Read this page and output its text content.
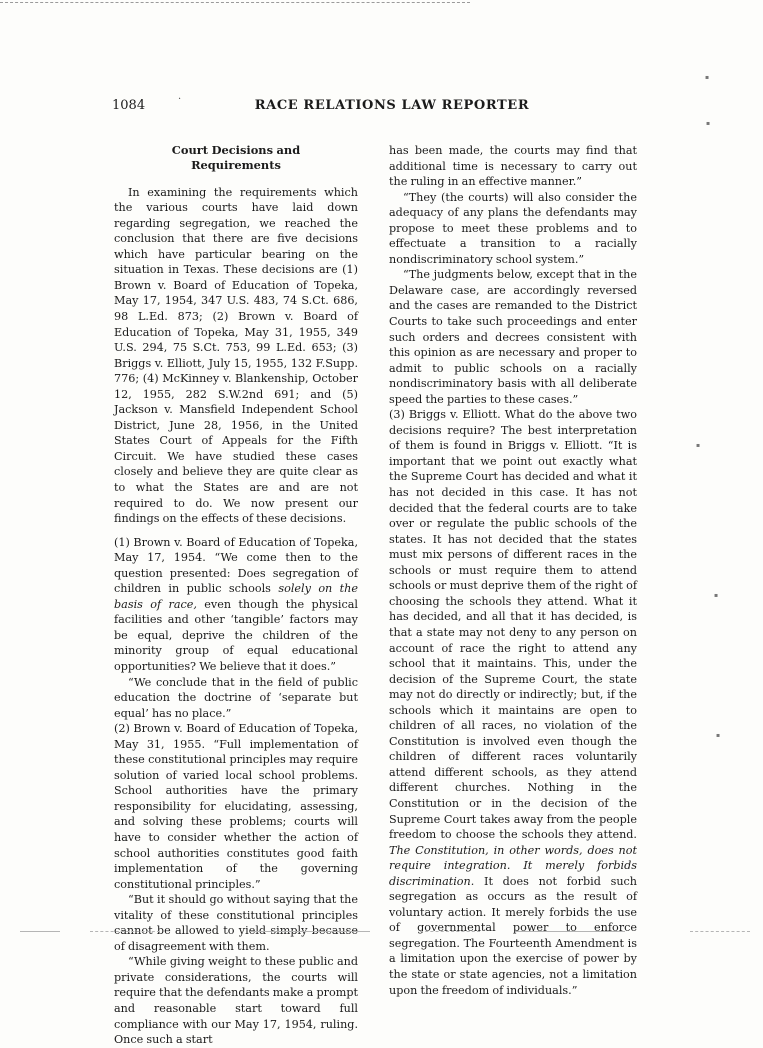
1084	·	RACE RELATIONS LAW REPORTER
Court Decisions and
Requirements

In examining the requirements which the various courts have laid down regarding segregation, we reached the conclusion that there are five decisions which have particular bearing on the situation in Texas. These decisions are (1) Brown v. Board of Education of Topeka, May 17, 1954, 347 U.S. 483, 74 S.Ct. 686, 98 L.Ed. 873; (2) Brown v. Board of Education of Topeka, May 31, 1955, 349 U.S. 294, 75 S.Ct. 753, 99 L.Ed. 653; (3) Briggs v. Elliott, July 15, 1955, 132 F.Supp. 776; (4) McKinney v. Blankenship, October 12, 1955, 282 S.W.2nd 691; and (5) Jackson v. Mansfield Independent School District, June 28, 1956, in the United States Court of Appeals for the Fifth Circuit. We have studied these cases closely and believe they are quite clear as to what the States are and are not required to do. We now present our findings on the effects of these decisions.

(1) Brown v. Board of Education of Topeka, May 17, 1954. “We come then to the question presented: Does segregation of children in public schools solely on the basis of race, even though the physical facilities and other ‘tangible’ factors may be equal, deprive the children of the minority group of equal educational opportunities? We believe that it does.”

“We conclude that in the field of public education the doctrine of ‘separate but equal’ has no place.”

(2) Brown v. Board of Education of Topeka, May 31, 1955. “Full implementation of these constitutional principles may require solution of varied local school problems. School authorities have the primary responsibility for elucidating, assessing, and solving these problems; courts will have to consider whether the action of school authorities constitutes good faith implementation of the governing constitutional principles.”

“But it should go without saying that the vitality of these constitutional principles cannot be allowed to yield simply because of disagreement with them.

“While giving weight to these public and private considerations, the courts will require that the defendants make a prompt and reasonable start toward full compliance with our May 17, 1954, ruling. Once such a start

has been made, the courts may find that additional time is necessary to carry out the ruling in an effective manner.”

“They (the courts) will also consider the adequacy of any plans the defendants may propose to meet these problems and to effectuate a transition to a racially nondiscriminatory school system.”

“The judgments below, except that in the Delaware case, are accordingly reversed and the cases are remanded to the District Courts to take such proceedings and enter such orders and decrees consistent with this opinion as are necessary and proper to admit to public schools on a racially nondiscriminatory basis with all deliberate speed the parties to these cases.”

(3) Briggs v. Elliott. What do the above two decisions require? The best interpretation of them is found in Briggs v. Elliott. “It is important that we point out exactly what the Supreme Court has decided and what it has not decided in this case. It has not decided that the federal courts are to take over or regulate the public schools of the states. It has not decided that the states must mix persons of different races in the schools or must require them to attend schools or must deprive them of the right of choosing the schools they attend. What it has decided, and all that it has decided, is that a state may not deny to any person on account of race the right to attend any school that it maintains. This, under the decision of the Supreme Court, the state may not do directly or indirectly; but, if the schools which it maintains are open to children of all races, no violation of the Constitution is involved even though the children of different races voluntarily attend different schools, as they attend different churches. Nothing in the Constitution or in the decision of the Supreme Court takes away from the people freedom to choose the schools they attend. The Constitution, in other words, does not require integration. It merely forbids discrimination. It does not forbid such segregation as occurs as the result of voluntary action. It merely forbids the use of governmental power to enforce segregation. The Fourteenth Amendment is a limitation upon the exercise of power by the state or state agencies, not a limitation upon the freedom of individuals.”

▪
▪
▪
▪
▪
